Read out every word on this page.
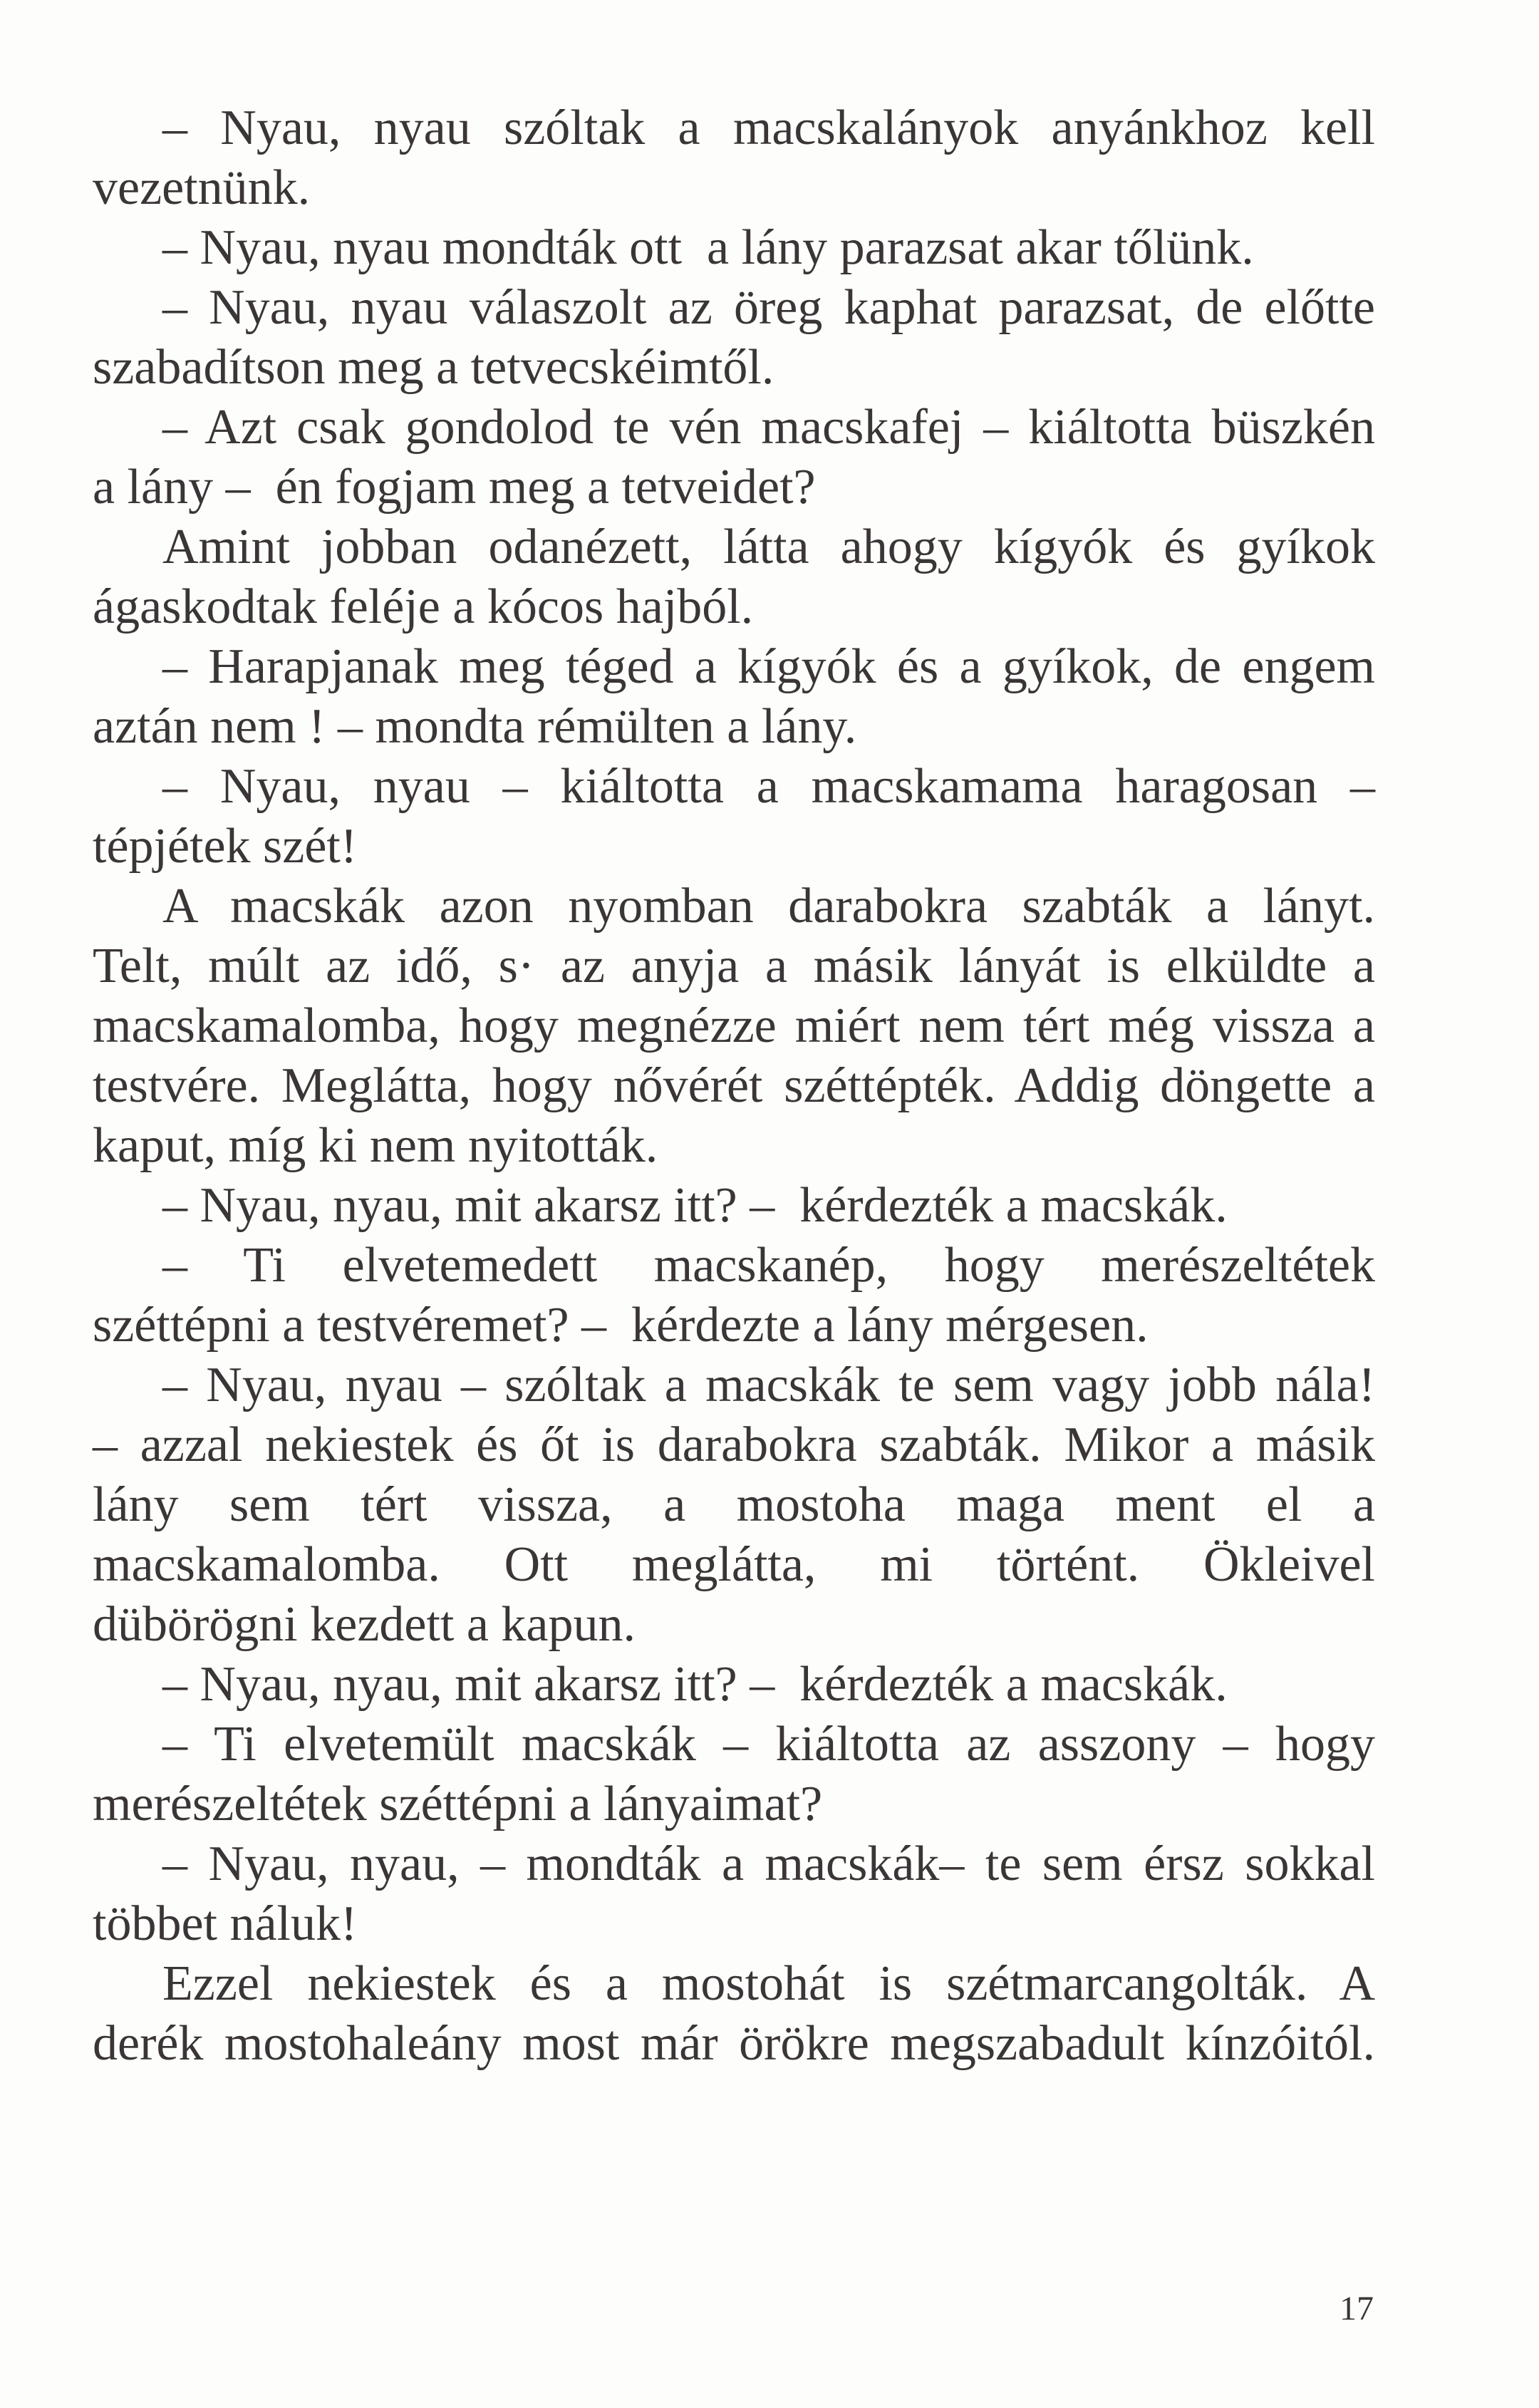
– Nyau, nyau szóltak a macskalányok anyánkhoz kell
vezetnünk.
– Nyau, nyau mondták ott  a lány parazsat akar tőlünk.
– Nyau, nyau válaszolt az öreg kaphat parazsat, de előtte
szabadítson meg a tetvecskéimtől.
– Azt csak gondolod te vén macskafej – kiáltotta büszkén
a lány –  én fogjam meg a tetveidet?
Amint jobban odanézett, látta ahogy kígyók és gyíkok
ágaskodtak feléje a kócos hajból.
– Harapjanak meg téged a kígyók és a gyíkok, de engem
aztán nem ! – mondta rémülten a lány.
– Nyau, nyau – kiáltotta a macskamama haragosan –
tépjétek szét!
A macskák azon nyomban darabokra szabták a lányt.
Telt, múlt az idő, s· az anyja a másik lányát is elküldte a
macskamalomba, hogy megnézze miért nem tért még vissza a
testvére. Meglátta, hogy nővérét széttépték. Addig döngette a
kaput, míg ki nem nyitották.
– Nyau, nyau, mit akarsz itt? –  kérdezték a macskák.
– Ti elvetemedett macskanép, hogy merészeltétek
széttépni a testvéremet? –  kérdezte a lány mérgesen.
– Nyau, nyau – szóltak a macskák te sem vagy jobb nála!
– azzal nekiestek és őt is darabokra szabták. Mikor a másik
lány sem tért vissza, a mostoha maga ment el a
macskamalomba. Ott meglátta, mi történt. Ökleivel
dübörögni kezdett a kapun.
– Nyau, nyau, mit akarsz itt? –  kérdezték a macskák.
– Ti elvetemült macskák – kiáltotta az asszony – hogy
merészeltétek széttépni a lányaimat?
– Nyau, nyau, – mondták a macskák– te sem érsz sokkal
többet náluk!
Ezzel nekiestek és a mostohát is szétmarcangolták. A
derék mostohaleány most már örökre megszabadult kínzóitól.
17
